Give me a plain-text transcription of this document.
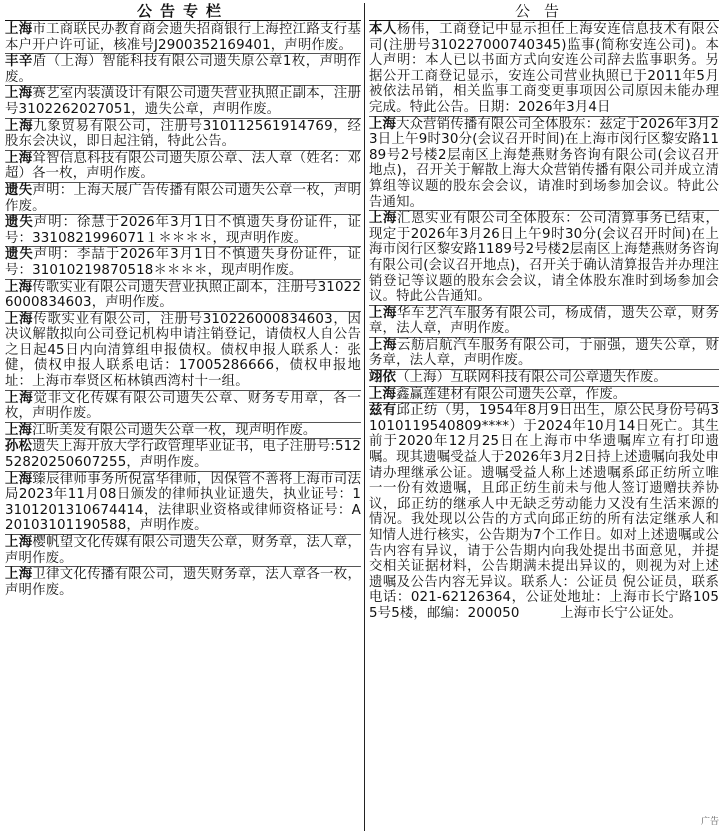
公告专栏
上海市工商联民办教育商会遗失招商银行上海控江路支行基本户开户许可证，核准号J2900352169401，声明作废。
丰辛盾（上海）智能科技有限公司遗失原公章1枚，声明作废。
上海赛艺室内装潢设计有限公司遗失营业执照正副本，注册号3102262027051，遗失公章，声明作废。
上海九象贸易有限公司，注册号310112561914769，经股东会决议，即日起注销，特此公告。
上海耸智信息科技有限公司遗失原公章、法人章（姓名：邓超）各一枚，声明作废。
遗失声明：上海天展广告传播有限公司遗失公章一枚，声明作废。
遗失声明：徐慧于2026年3月1日不慎遗失身份证件，证号：3310821996071１＊＊＊＊，现声明作废。
遗失声明：李喆于2026年3月1日不慎遗失身份证件，证号：31010219870518＊＊＊＊，现声明作废。
上海传歌实业有限公司遗失营业执照正副本，注册号310226000834603，声明作废。
上海传歌实业有限公司，注册号310226000834603，因决议解散拟向公司登记机构申请注销登记，请债权人自公告之日起45日内向清算组申报债权。债权申报人联系人：张健，债权申报人联系电话：17005286666，债权申报地址：上海市奉贤区柘林镇西湾村十一组。
上海觉非文化传媒有限公司遗失公章、财务专用章，各一枚，声明作废。
上海江昕美发有限公司遗失公章一枚，现声明作废。
孙松遗失上海开放大学行政管理毕业证书，电子注册号:51252820250607255，声明作废。
上海臻辰律师事务所倪富华律师，因保管不善将上海市司法局2023年11月08日颁发的律师执业证遗失，执业证号：13101201310674414，法律职业资格或律师资格证号：A20103101190588，声明作废。
上海樱帆望文化传媒有限公司遗失公章，财务章，法人章，声明作废。
上海卫律文化传播有限公司，遗失财务章，法人章各一枚，声明作废。
公告
本人杨伟，工商登记中显示担任上海安连信息技术有限公司(注册号310227000740345)监事(简称安连公司)。本人声明：本人已以书面方式向安连公司辞去监事职务。另据公开工商登记显示，安连公司营业执照已于2011年5月被依法吊销，相关监事工商变更事项因公司原因未能办理完成。特此公告。日期：2026年3月4日
上海大众营销传播有限公司全体股东：兹定于2026年3月23日上午9时30分(会议召开时间)在上海市闵行区黎安路1189号2号楼2层南区上海楚燕财务咨询有限公司(会议召开地点)，召开关于解散上海大众营销传播有限公司并成立清算组等议题的股东会会议，请准时到场参加会议。特此公告通知。
上海汇恩实业有限公司全体股东：公司清算事务已结束，现定于2026年3月26日上午9时30分(会议召开时间)在上海市闵行区黎安路1189号2号楼2层南区上海楚燕财务咨询有限公司(会议召开地点)，召开关于确认清算报告并办理注销登记等议题的股东会会议，请全体股东准时到场参加会议。特此公告通知。
上海华车艺汽车服务有限公司，杨成倩，遗失公章，财务章，法人章，声明作废。
上海云舫启航汽车服务有限公司，于丽强，遗失公章，财务章，法人章，声明作废。
翊依（上海）互联网科技有限公司公章遗失作废。
上海鑫赢莲建材有限公司遗失公章，作废。
兹有邱正纺（男，1954年8月9日出生，原公民身份号码31010119540809****）于2024年10月14日死亡。其生前于2020年12月25日在上海市中华遗嘱库立有打印遗嘱。现其遗嘱受益人于2026年3月2日持上述遗嘱向我处申请办理继承公证。遗嘱受益人称上述遗嘱系邱正纺所立唯一一份有效遗嘱，且邱正纺生前未与他人签订遗赠扶养协议，邱正纺的继承人中无缺乏劳动能力又没有生活来源的情况。我处现以公告的方式向邱正纺的所有法定继承人和知情人进行核实，公告期为7个工作日。如对上述遗嘱或公告内容有异议，请于公告期内向我处提出书面意见，并提交相关证据材料，公告期满未提出异议的，则视为对上述遗嘱及公告内容无异议。联系人：公证员 倪公证员，联系电话：021-62126364，公证处地址：上海市长宁路1055号5楼，邮编：200050　　　上海市长宁公证处。
广告
